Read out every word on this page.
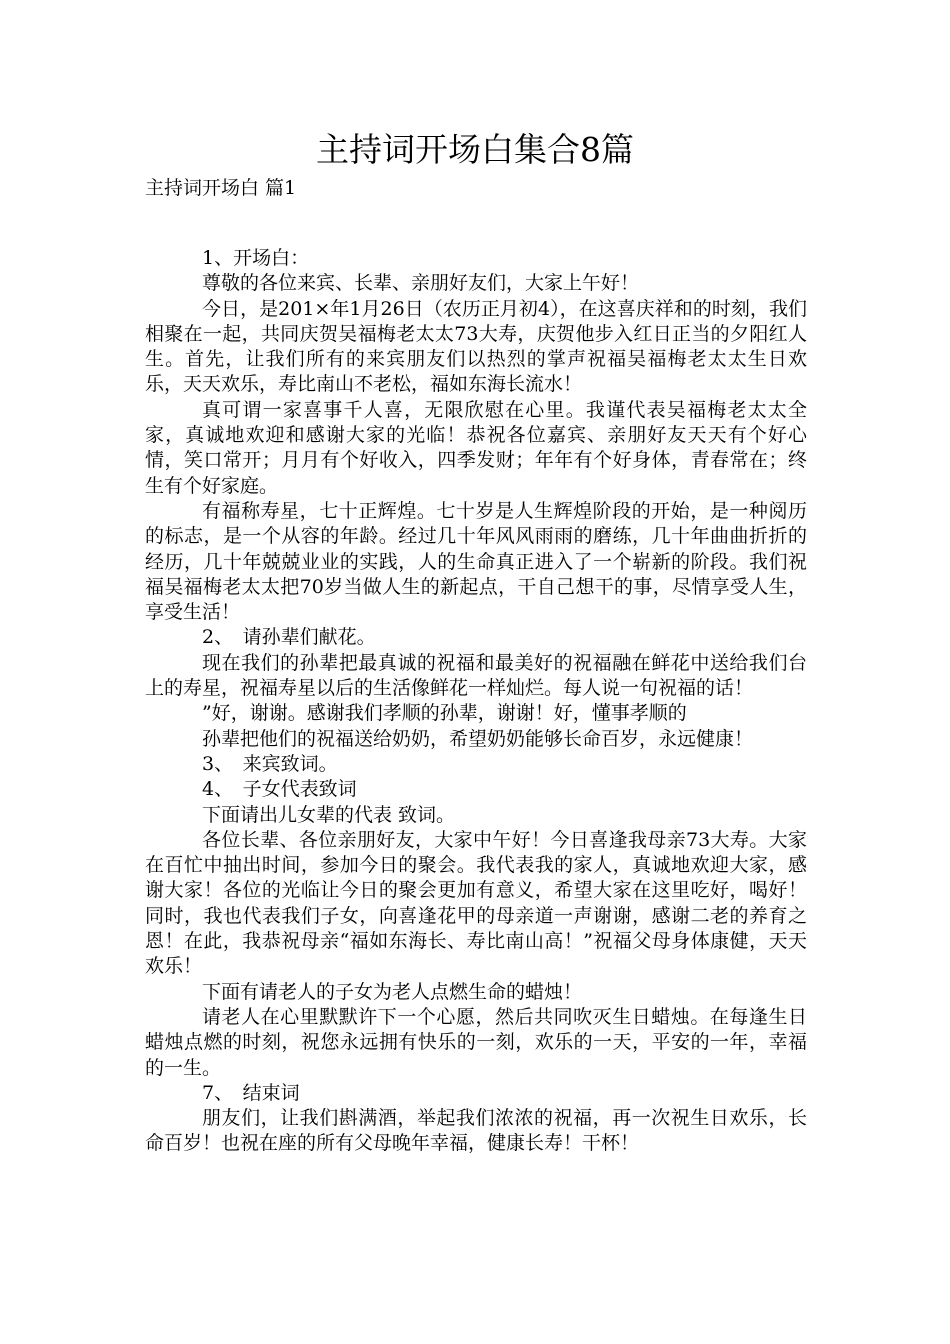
主持词开场白集合8篇
主持词开场白 篇1

1、开场白：

尊敬的各位来宾、长辈、亲朋好友们，大家上午好！

今日，是201×年1月26日（农历正月初4），在这喜庆祥和的时刻，我们相聚在一起，共同庆贺吴福梅老太太73大寿，庆贺他步入红日正当的夕阳红人生。首先，让我们所有的来宾朋友们以热烈的掌声祝福吴福梅老太太生日欢乐，天天欢乐，寿比南山不老松，福如东海长流水！

真可谓一家喜事千人喜，无限欣慰在心里。我谨代表吴福梅老太太全家，真诚地欢迎和感谢大家的光临！恭祝各位嘉宾、亲朋好友天天有个好心情，笑口常开；月月有个好收入，四季发财；年年有个好身体，青春常在；终生有个好家庭。

有福称寿星，七十正辉煌。七十岁是人生辉煌阶段的开始，是一种阅历的标志，是一个从容的年龄。经过几十年风风雨雨的磨练，几十年曲曲折折的经历，几十年兢兢业业的实践，人的生命真正进入了一个崭新的阶段。我们祝福吴福梅老太太把70岁当做人生的新起点，干自己想干的事，尽情享受人生，享受生活！

2、　请孙辈们献花。

现在我们的孙辈把最真诚的祝福和最美好的祝福融在鲜花中送给我们台上的寿星，祝福寿星以后的生活像鲜花一样灿烂。每人说一句祝福的话！

”好，谢谢。感谢我们孝顺的孙辈，谢谢！好，懂事孝顺的

孙辈把他们的祝福送给奶奶，希望奶奶能够长命百岁，永远健康！

3、　来宾致词。

4、　子女代表致词

下面请出儿女辈的代表 致词。

各位长辈、各位亲朋好友，大家中午好！今日喜逢我母亲73大寿。大家在百忙中抽出时间，参加今日的聚会。我代表我的家人，真诚地欢迎大家，感谢大家！各位的光临让今日的聚会更加有意义，希望大家在这里吃好，喝好！同时，我也代表我们子女，向喜逢花甲的母亲道一声谢谢，感谢二老的养育之恩！在此，我恭祝母亲“福如东海长、寿比南山高！”祝福父母身体康健，天天欢乐！

下面有请老人的子女为老人点燃生命的蜡烛！

请老人在心里默默许下一个心愿，然后共同吹灭生日蜡烛。在每逢生日蜡烛点燃的时刻，祝您永远拥有快乐的一刻，欢乐的一天，平安的一年，幸福的一生。

7、　结束词

朋友们，让我们斟满酒，举起我们浓浓的祝福，再一次祝生日欢乐，长命百岁！也祝在座的所有父母晚年幸福，健康长寿！干杯！
